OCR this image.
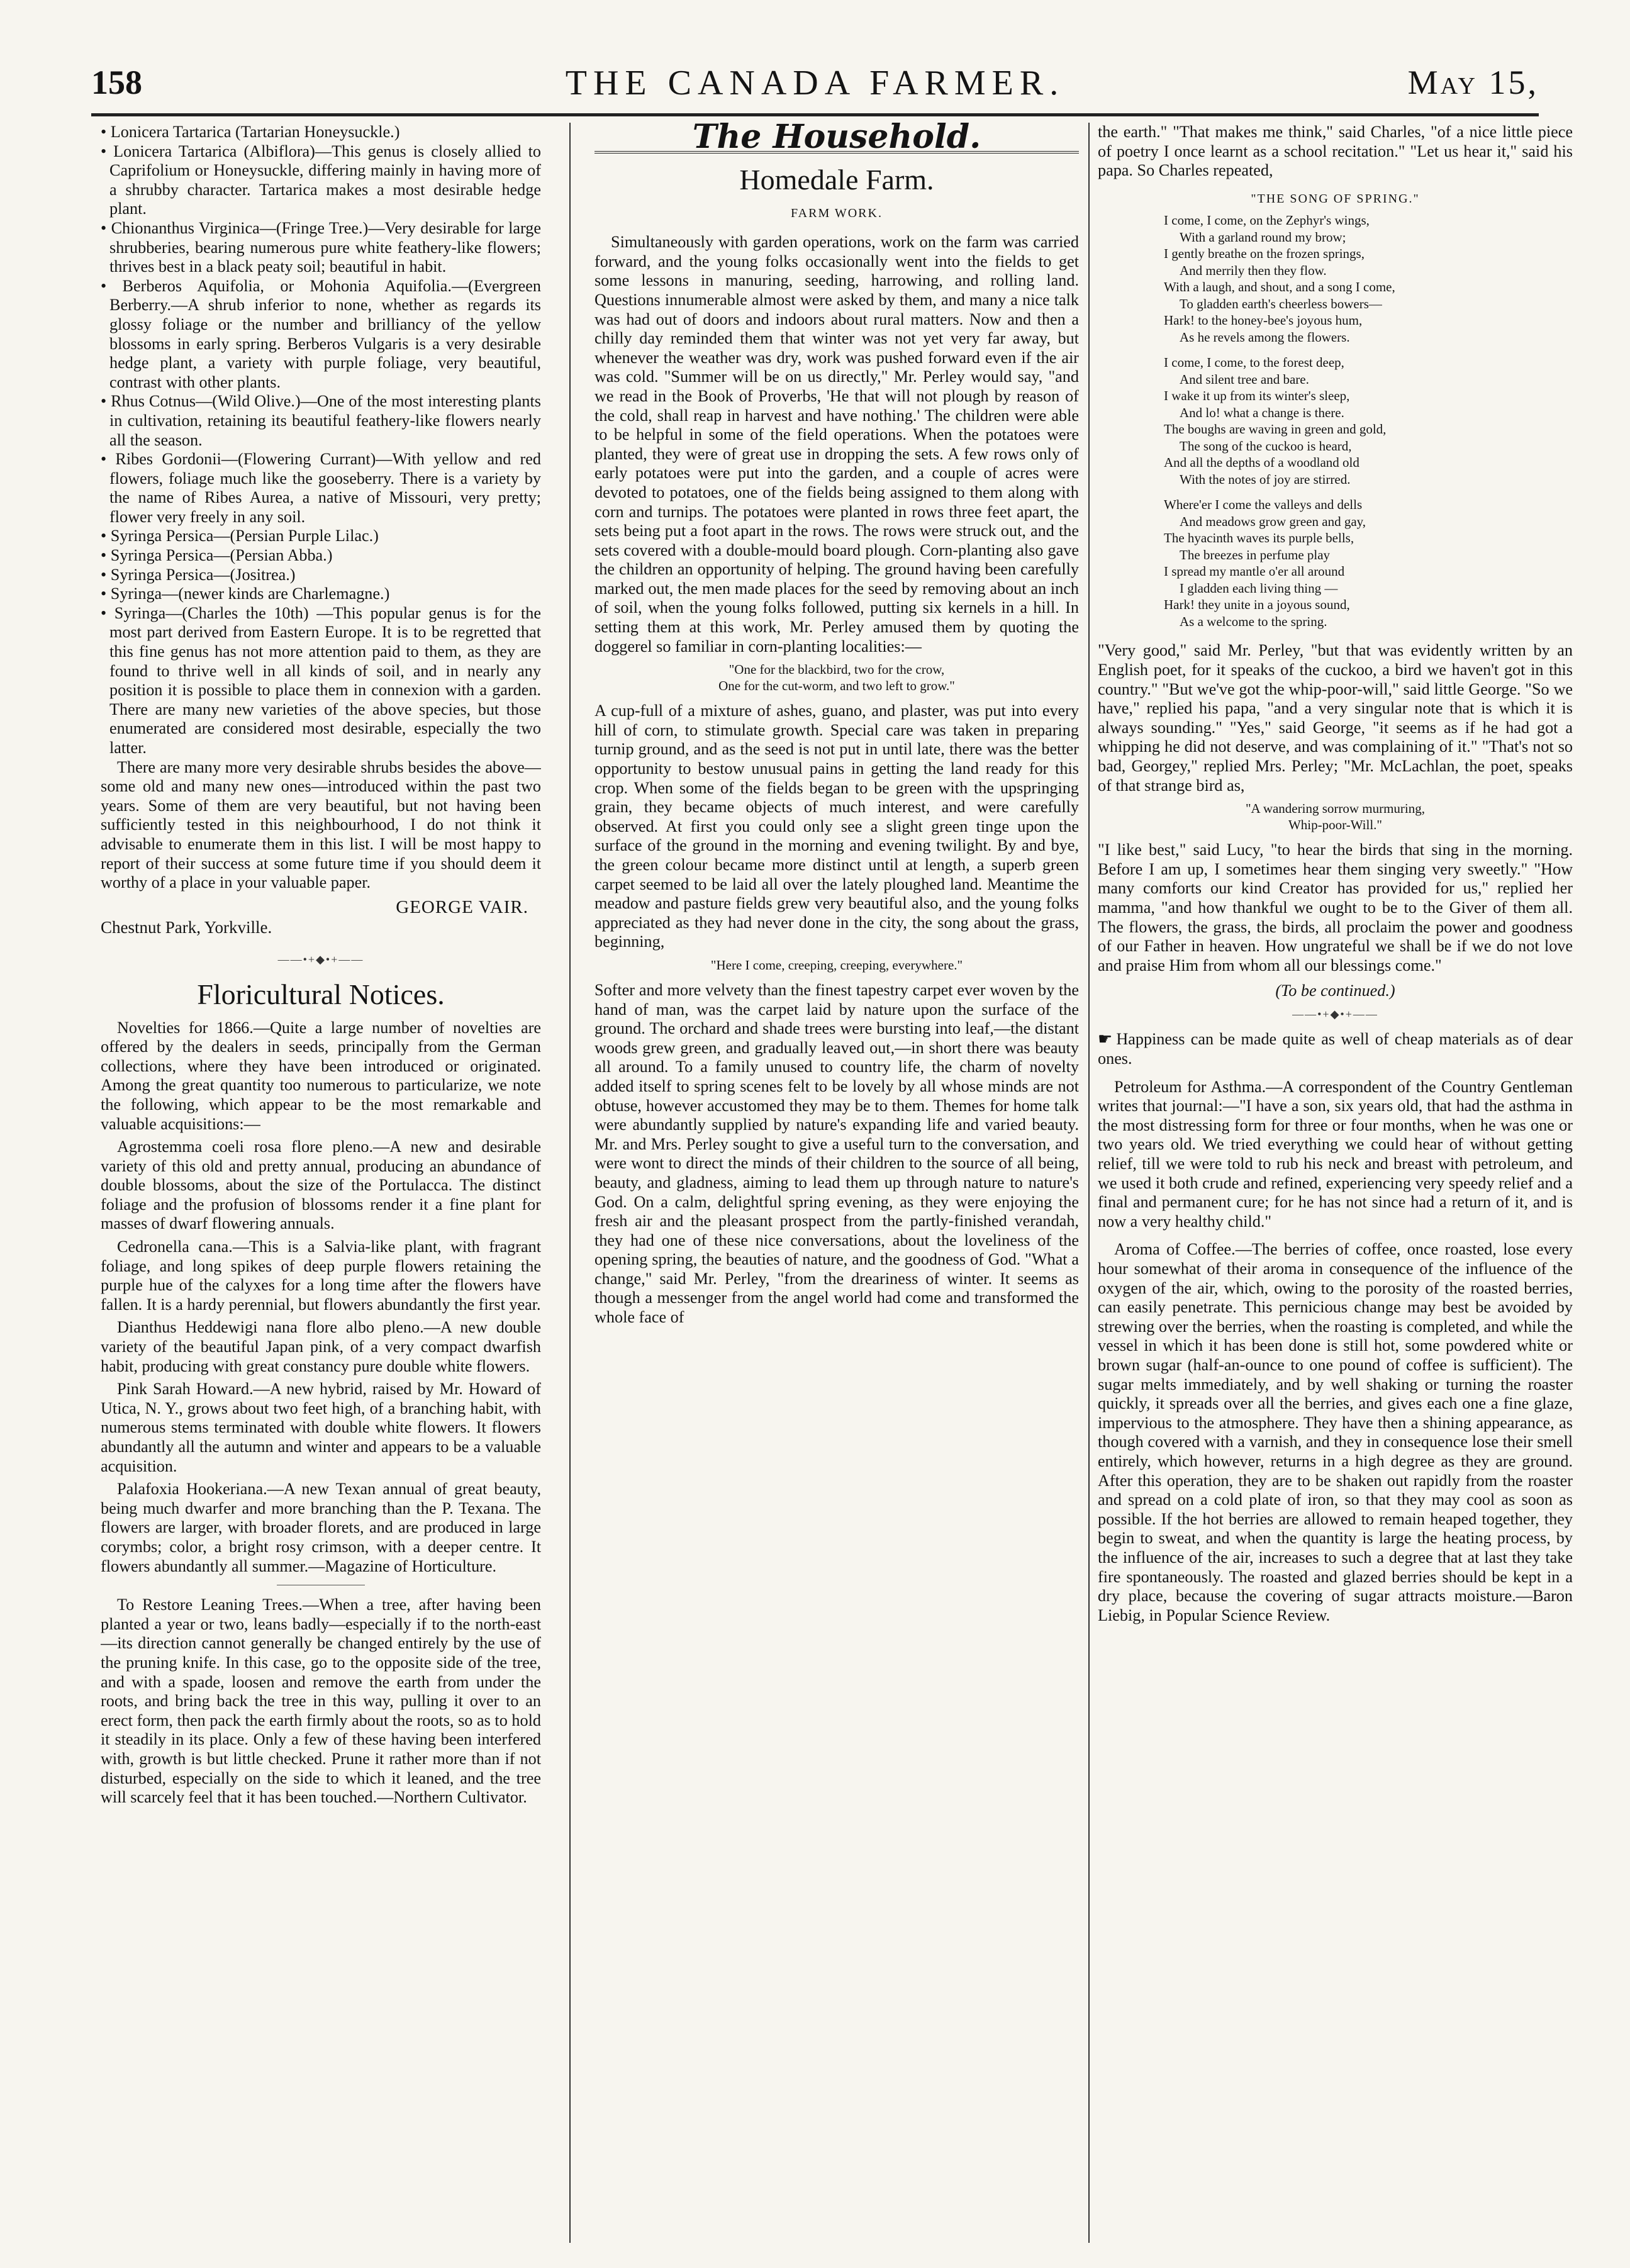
158	THE CANADA FARMER.	May 15,

• Lonicera Tartarica (Tartarian Honeysuckle.)

• Lonicera Tartarica (Albiflora)—This genus is closely allied to Caprifolium or Honeysuckle, differing mainly in having more of a shrubby character. Tartarica makes a most desirable hedge plant.

• Chionanthus Virginica—(Fringe Tree.)—Very desirable for large shrubberies, bearing numerous pure white feathery-like flowers; thrives best in a black peaty soil; beautiful in habit.

• Berberos Aquifolia, or Mohonia Aquifolia.—(Evergreen Berberry.—A shrub inferior to none, whether as regards its glossy foliage or the number and brilliancy of the yellow blossoms in early spring. Berberos Vulgaris is a very desirable hedge plant, a variety with purple foliage, very beautiful, contrast with other plants.

• Rhus Cotnus—(Wild Olive.)—One of the most interesting plants in cultivation, retaining its beautiful feathery-like flowers nearly all the season.

• Ribes Gordonii—(Flowering Currant)—With yellow and red flowers, foliage much like the gooseberry. There is a variety by the name of Ribes Aurea, a native of Missouri, very pretty; flower very freely in any soil.

• Syringa Persica—(Persian Purple Lilac.)

• Syringa Persica—(Persian Abba.)

• Syringa Persica—(Jositrea.)

• Syringa—(newer kinds are Charlemagne.)

• Syringa—(Charles the 10th) —This popular genus is for the most part derived from Eastern Europe. It is to be regretted that this fine genus has not more attention paid to them, as they are found to thrive well in all kinds of soil, and in nearly any position it is possible to place them in connexion with a garden. There are many new varieties of the above species, but those enumerated are considered most desirable, especially the two latter.

There are many more very desirable shrubs besides the above—some old and many new ones—introduced within the past two years. Some of them are very beautiful, but not having been sufficiently tested in this neighbourhood, I do not think it advisable to enumerate them in this list. I will be most happy to report of their success at some future time if you should deem it worthy of a place in your valuable paper.

GEORGE VAIR.
Chestnut Park, Yorkville.
——•+◆•+——
Floricultural Notices.

Novelties for 1866.—Quite a large number of novelties are offered by the dealers in seeds, principally from the German collections, where they have been introduced or originated. Among the great quantity too numerous to particularize, we note the following, which appear to be the most remarkable and valuable acquisitions:—

Agrostemma coeli rosa flore pleno.—A new and desirable variety of this old and pretty annual, producing an abundance of double blossoms, about the size of the Portulacca. The distinct foliage and the profusion of blossoms render it a fine plant for masses of dwarf flowering annuals.

Cedronella cana.—This is a Salvia-like plant, with fragrant foliage, and long spikes of deep purple flowers retaining the purple hue of the calyxes for a long time after the flowers have fallen. It is a hardy perennial, but flowers abundantly the first year.

Dianthus Heddewigi nana flore albo pleno.—A new double variety of the beautiful Japan pink, of a very compact dwarfish habit, producing with great constancy pure double white flowers.

Pink Sarah Howard.—A new hybrid, raised by Mr. Howard of Utica, N. Y., grows about two feet high, of a branching habit, with numerous stems terminated with double white flowers. It flowers abundantly all the autumn and winter and appears to be a valuable acquisition.

Palafoxia Hookeriana.—A new Texan annual of great beauty, being much dwarfer and more branching than the P. Texana. The flowers are larger, with broader florets, and are produced in large corymbs; color, a bright rosy crimson, with a deeper centre. It flowers abundantly all summer.—Magazine of Horticulture.

To Restore Leaning Trees.—When a tree, after having been planted a year or two, leans badly—especially if to the north-east—its direction cannot generally be changed entirely by the use of the pruning knife. In this case, go to the opposite side of the tree, and with a spade, loosen and remove the earth from under the roots, and bring back the tree in this way, pulling it over to an erect form, then pack the earth firmly about the roots, so as to hold it steadily in its place. Only a few of these having been interfered with, growth is but little checked. Prune it rather more than if not disturbed, especially on the side to which it leaned, and the tree will scarcely feel that it has been touched.—Northern Cultivator.

The Household.
Homedale Farm.
FARM WORK.

Simultaneously with garden operations, work on the farm was carried forward, and the young folks occasionally went into the fields to get some lessons in manuring, seeding, harrowing, and rolling land. Questions innumerable almost were asked by them, and many a nice talk was had out of doors and indoors about rural matters. Now and then a chilly day reminded them that winter was not yet very far away, but whenever the weather was dry, work was pushed forward even if the air was cold. "Summer will be on us directly," Mr. Perley would say, "and we read in the Book of Proverbs, 'He that will not plough by reason of the cold, shall reap in harvest and have nothing.' The children were able to be helpful in some of the field operations. When the potatoes were planted, they were of great use in dropping the sets. A few rows only of early potatoes were put into the garden, and a couple of acres were devoted to potatoes, one of the fields being assigned to them along with corn and turnips. The potatoes were planted in rows three feet apart, the sets being put a foot apart in the rows. The rows were struck out, and the sets covered with a double-mould board plough. Corn-planting also gave the children an opportunity of helping. The ground having been carefully marked out, the men made places for the seed by removing about an inch of soil, when the young folks followed, putting six kernels in a hill. In setting them at this work, Mr. Perley amused them by quoting the doggerel so familiar in corn-planting localities:—

"One for the blackbird, two for the crow,
One for the cut-worm, and two left to grow."

A cup-full of a mixture of ashes, guano, and plaster, was put into every hill of corn, to stimulate growth. Special care was taken in preparing turnip ground, and as the seed is not put in until late, there was the better opportunity to bestow unusual pains in getting the land ready for this crop. When some of the fields began to be green with the upspringing grain, they became objects of much interest, and were carefully observed. At first you could only see a slight green tinge upon the surface of the ground in the morning and evening twilight. By and bye, the green colour became more distinct until at length, a superb green carpet seemed to be laid all over the lately ploughed land. Meantime the meadow and pasture fields grew very beautiful also, and the young folks appreciated as they had never done in the city, the song about the grass, beginning,

"Here I come, creeping, creeping, everywhere."

Softer and more velvety than the finest tapestry carpet ever woven by the hand of man, was the carpet laid by nature upon the surface of the ground. The orchard and shade trees were bursting into leaf,—the distant woods grew green, and gradually leaved out,—in short there was beauty all around. To a family unused to country life, the charm of novelty added itself to spring scenes felt to be lovely by all whose minds are not obtuse, however accustomed they may be to them. Themes for home talk were abundantly supplied by nature's expanding life and varied beauty. Mr. and Mrs. Perley sought to give a useful turn to the conversation, and were wont to direct the minds of their children to the source of all being, beauty, and gladness, aiming to lead them up through nature to nature's God. On a calm, delightful spring evening, as they were enjoying the fresh air and the pleasant prospect from the partly-finished verandah, they had one of these nice conversations, about the loveliness of the opening spring, the beauties of nature, and the goodness of God. "What a change," said Mr. Perley, "from the dreariness of winter. It seems as though a messenger from the angel world had come and transformed the whole face of

the earth." "That makes me think," said Charles, "of a nice little piece of poetry I once learnt as a school recitation." "Let us hear it," said his papa. So Charles repeated,

"THE SONG OF SPRING."
I come, I come, on the Zephyr's wings,
With a garland round my brow;
I gently breathe on the frozen springs,
And merrily then they flow.
With a laugh, and shout, and a song I come,
To gladden earth's cheerless bowers—
Hark! to the honey-bee's joyous hum,
As he revels among the flowers.
I come, I come, to the forest deep,
And silent tree and bare.
I wake it up from its winter's sleep,
And lo! what a change is there.
The boughs are waving in green and gold,
The song of the cuckoo is heard,
And all the depths of a woodland old
With the notes of joy are stirred.
Where'er I come the valleys and dells
And meadows grow green and gay,
The hyacinth waves its purple bells,
The breezes in perfume play
I spread my mantle o'er all around
I gladden each living thing —
Hark! they unite in a joyous sound,
As a welcome to the spring.

"Very good," said Mr. Perley, "but that was evidently written by an English poet, for it speaks of the cuckoo, a bird we haven't got in this country." "But we've got the whip-poor-will," said little George. "So we have," replied his papa, "and a very singular note that is which it is always sounding." "Yes," said George, "it seems as if he had got a whipping he did not deserve, and was complaining of it." "That's not so bad, Georgey," replied Mrs. Perley; "Mr. McLachlan, the poet, speaks of that strange bird as,

"A wandering sorrow murmuring,
Whip-poor-Will."

"I like best," said Lucy, "to hear the birds that sing in the morning. Before I am up, I sometimes hear them singing very sweetly." "How many comforts our kind Creator has provided for us," replied her mamma, "and how thankful we ought to be to the Giver of them all. The flowers, the grass, the birds, all proclaim the power and goodness of our Father in heaven. How ungrateful we shall be if we do not love and praise Him from whom all our blessings come."

(To be continued.)
——•+◆•+——

☛ Happiness can be made quite as well of cheap materials as of dear ones.

Petroleum for Asthma.—A correspondent of the Country Gentleman writes that journal:—"I have a son, six years old, that had the asthma in the most distressing form for three or four months, when he was one or two years old. We tried everything we could hear of without getting relief, till we were told to rub his neck and breast with petroleum, and we used it both crude and refined, experiencing very speedy relief and a final and permanent cure; for he has not since had a return of it, and is now a very healthy child."

Aroma of Coffee.—The berries of coffee, once roasted, lose every hour somewhat of their aroma in consequence of the influence of the oxygen of the air, which, owing to the porosity of the roasted berries, can easily penetrate. This pernicious change may best be avoided by strewing over the berries, when the roasting is completed, and while the vessel in which it has been done is still hot, some powdered white or brown sugar (half-an-ounce to one pound of coffee is sufficient). The sugar melts immediately, and by well shaking or turning the roaster quickly, it spreads over all the berries, and gives each one a fine glaze, impervious to the atmosphere. They have then a shining appearance, as though covered with a varnish, and they in consequence lose their smell entirely, which however, returns in a high degree as they are ground. After this operation, they are to be shaken out rapidly from the roaster and spread on a cold plate of iron, so that they may cool as soon as possible. If the hot berries are allowed to remain heaped together, they begin to sweat, and when the quantity is large the heating process, by the influence of the air, increases to such a degree that at last they take fire spontaneously. The roasted and glazed berries should be kept in a dry place, because the covering of sugar attracts moisture.—Baron Liebig, in Popular Science Review.
